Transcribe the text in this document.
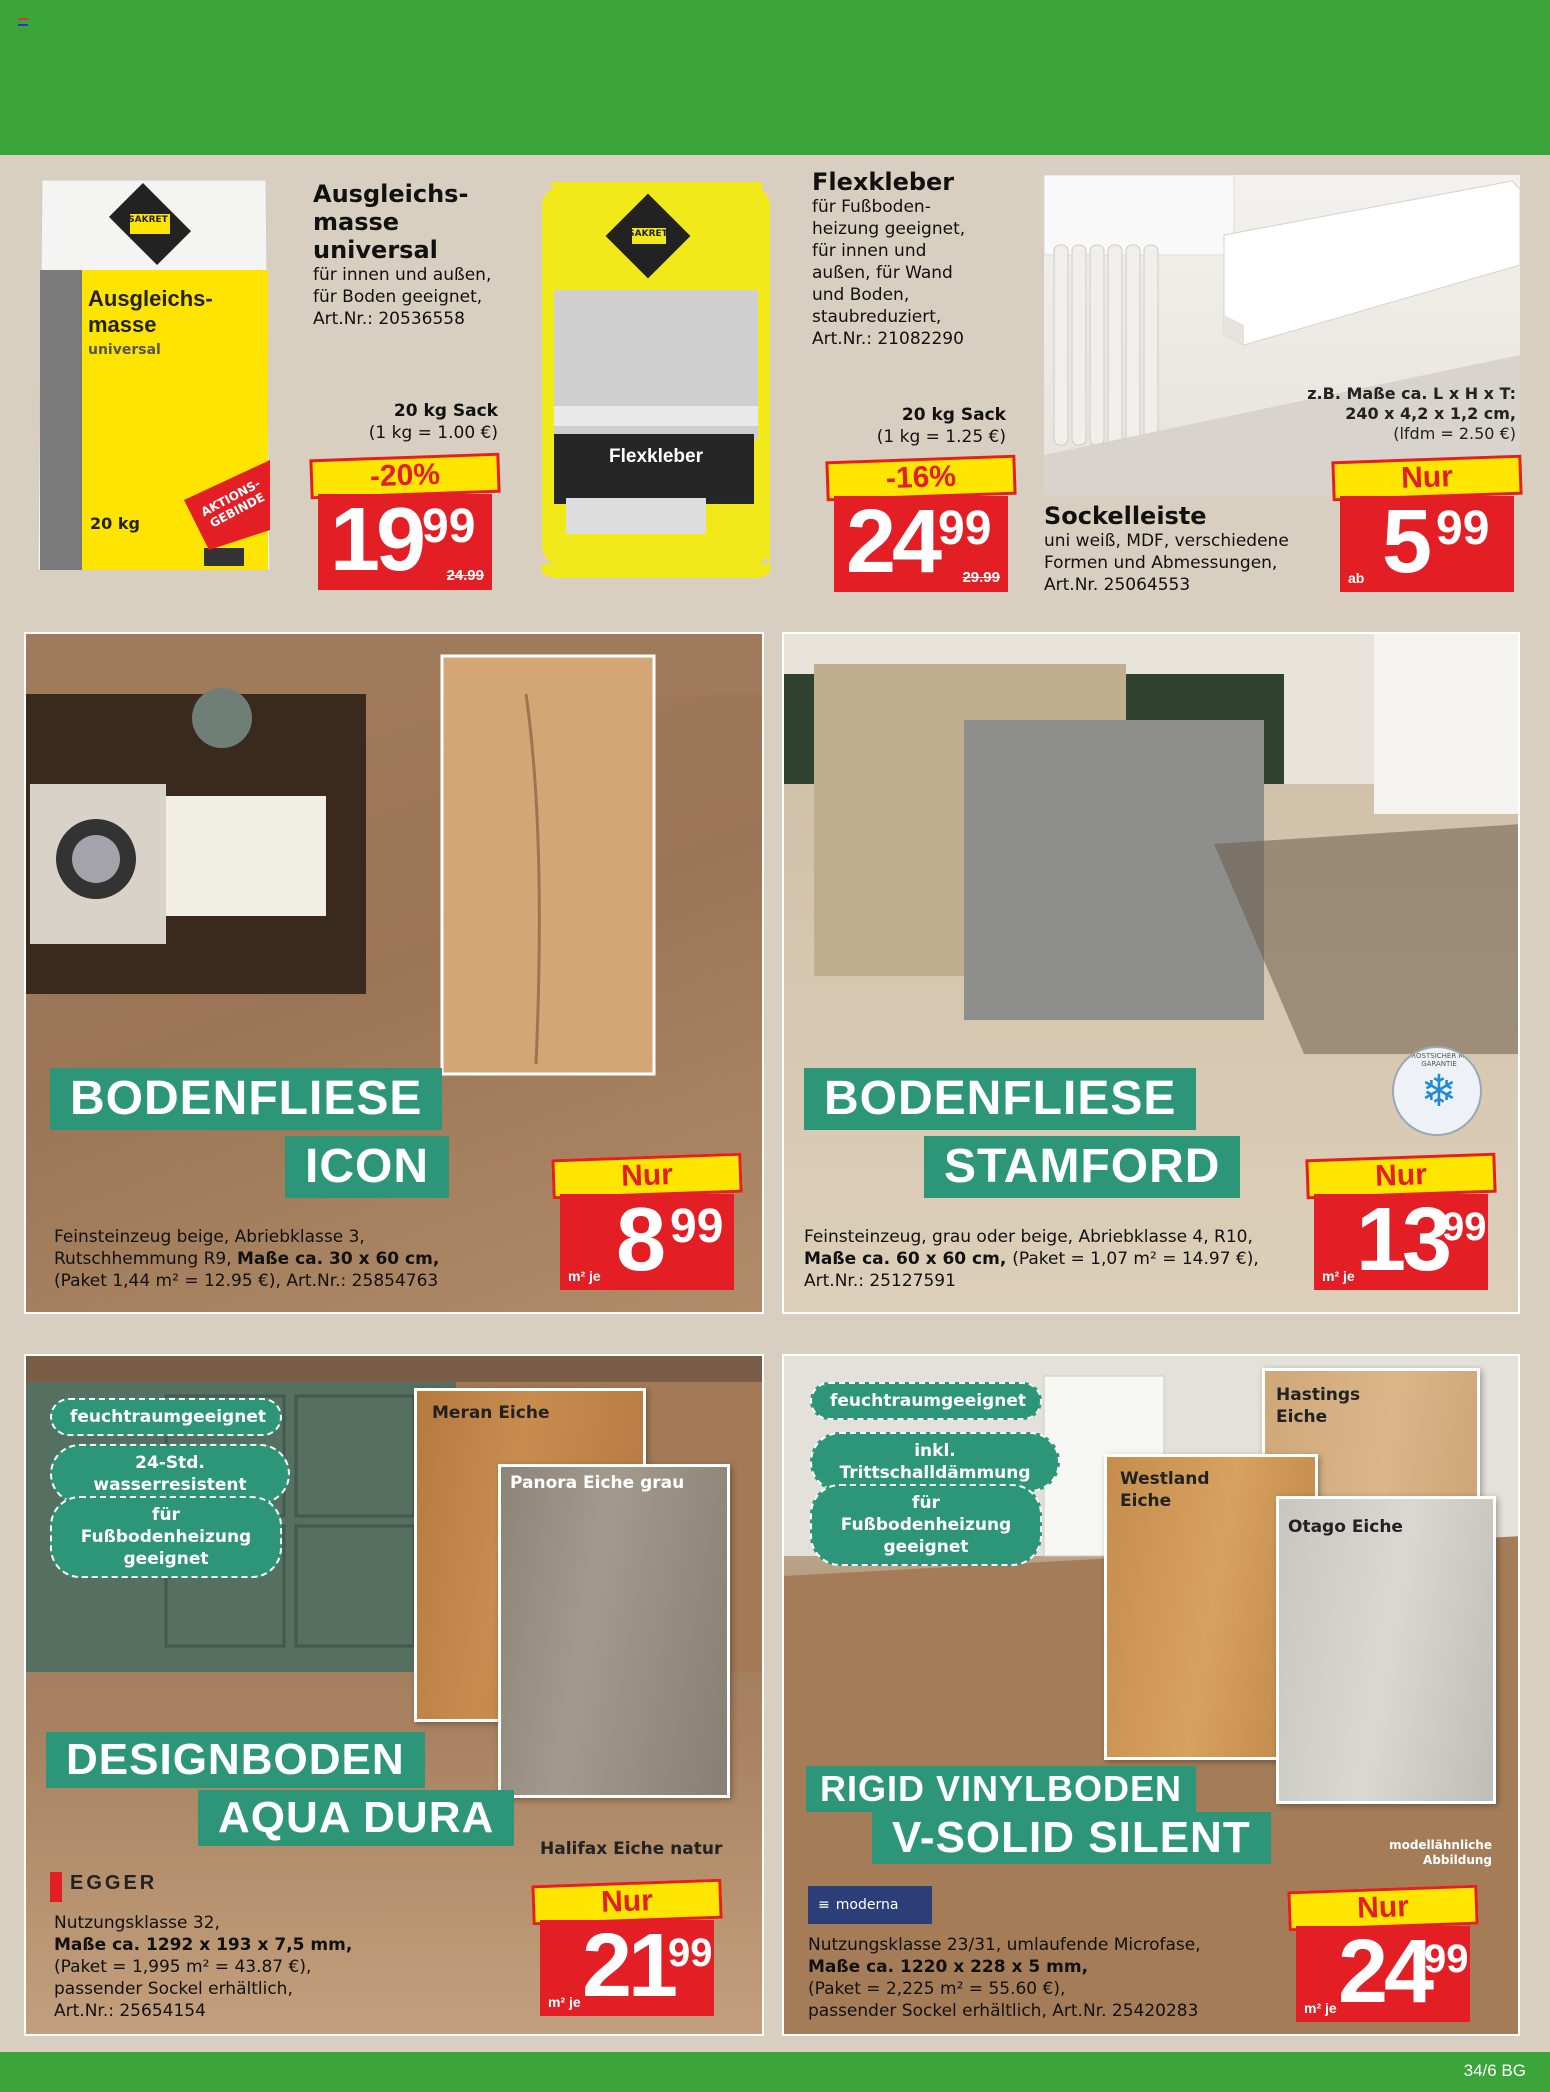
SAKRET
Ausgleichs-masse
universal
20 kg
AKTIONS-GEBINDE
Ausgleichs-
masse
universal
für innen und außen,
für Boden geeignet,
Art.Nr.: 20536558
20 kg Sack
(1 kg = 1.00 €)
-20%
19 99
24.99
SAKRET
Flexkleber
Flexkleber
für Fußboden-
heizung geeignet,
für innen und
außen, für Wand
und Boden,
staubreduziert,
Art.Nr.: 21082290
20 kg Sack
(1 kg = 1.25 €)
-16%
24 99
29.99
z.B. Maße ca. L x H x T:
240 x 4,2 x 1,2 cm,
(lfdm = 2.50 €)
Sockelleiste
uni weiß, MDF, verschiedene
Formen und Abmessungen,
Art.Nr. 25064553
Nur
ab 5 99
BODENFLIESE
ICON
Feinsteinzeug beige, Abriebklasse 3,
Rutschhemmung R9, Maße ca. 30 x 60 cm,
(Paket 1,44 m² = 12.95 €), Art.Nr.: 25854763
Nur
m² je 8 99
❄
FROSTSICHER MIT GARANTIE
BODENFLIESE
STAMFORD
Feinsteinzeug, grau oder beige, Abriebklasse 4, R10,
Maße ca. 60 x 60 cm, (Paket = 1,07 m² = 14.97 €),
Art.Nr.: 25127591
Nur
m² je 13
99
feuchtraumgeeignet
24-Std. wasserresistent
für Fußbodenheizung geeignet
Meran Eiche
Panora Eiche grau
Halifax Eiche natur
DESIGNBODEN
AQUA DURA
EGGER
Nutzungsklasse 32,
Maße ca. 1292 x 193 x 7,5 mm,
(Paket = 1,995 m² = 43.87 €),
passender Sockel erhältlich,
Art.Nr.: 25654154
Nur
m² je 21
99
feuchtraumgeeignet
inkl. Trittschalldämmung
für Fußbodenheizung geeignet
Hastings Eiche
Westland Eiche
Otago Eiche
modellähnliche Abbildung
RIGID VINYLBODEN
V-SOLID SILENT
≡ moderna
Nutzungsklasse 23/31, umlaufende Microfase,
Maße ca. 1220 x 228 x 5 mm,
(Paket = 2,225 m² = 55.60 €),
passender Sockel erhältlich, Art.Nr. 25420283
Nur
m² je 24
99
34/6 BG
